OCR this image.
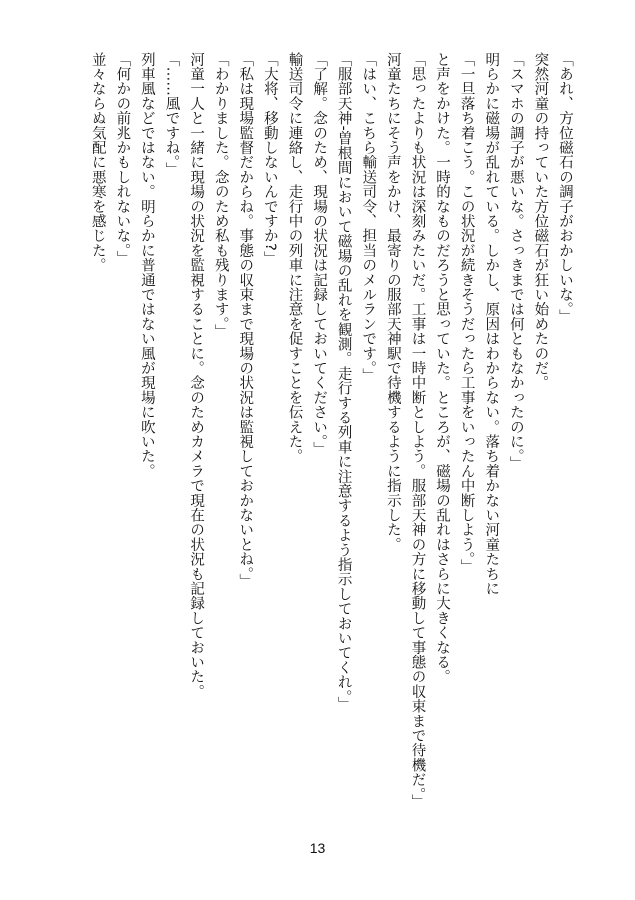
「あれ、方位磁石の調子がおかしいな。」
突然河童の持っていた方位磁石が狂い始めたのだ。
「スマホの調子が悪いな。さっきまでは何ともなかったのに。」
明らかに磁場が乱れている。しかし、原因はわからない。落ち着かない河童たちに
「一旦落ち着こう。この状況が続きそうだったら工事をいったん中断しよう。」
と声をかけた。一時的なものだろうと思っていた。ところが、磁場の乱れはさらに大きくなる。
「思ったよりも状況は深刻みたいだ。工事は一時中断としよう。服部天神の方に移動して事態の収束まで待機だ。」
河童たちにそう声をかけ、最寄りの服部天神駅で待機するように指示した。
「はい、こちら輸送司令、担当のメルランです。」
「服部天神-曽根間において磁場の乱れを観測。走行する列車に注意するよう指示しておいてくれ。」
「了解。念のため、現場の状況は記録しておいてください。」
輸送司令に連絡し、走行中の列車に注意を促すことを伝えた。
「大将、移動しないんですか?」
「私は現場監督だからね。事態の収束まで現場の状況は監視しておかないとね。」
「わかりました。念のため私も残ります。」
河童一人と一緒に現場の状況を監視することに。念のためカメラで現在の状況も記録しておいた。
「……風ですね。」
列車風などではない。明らかに普通ではない風が現場に吹いた。
「何かの前兆かもしれないな。」
並々ならぬ気配に悪寒を感じた。
13
